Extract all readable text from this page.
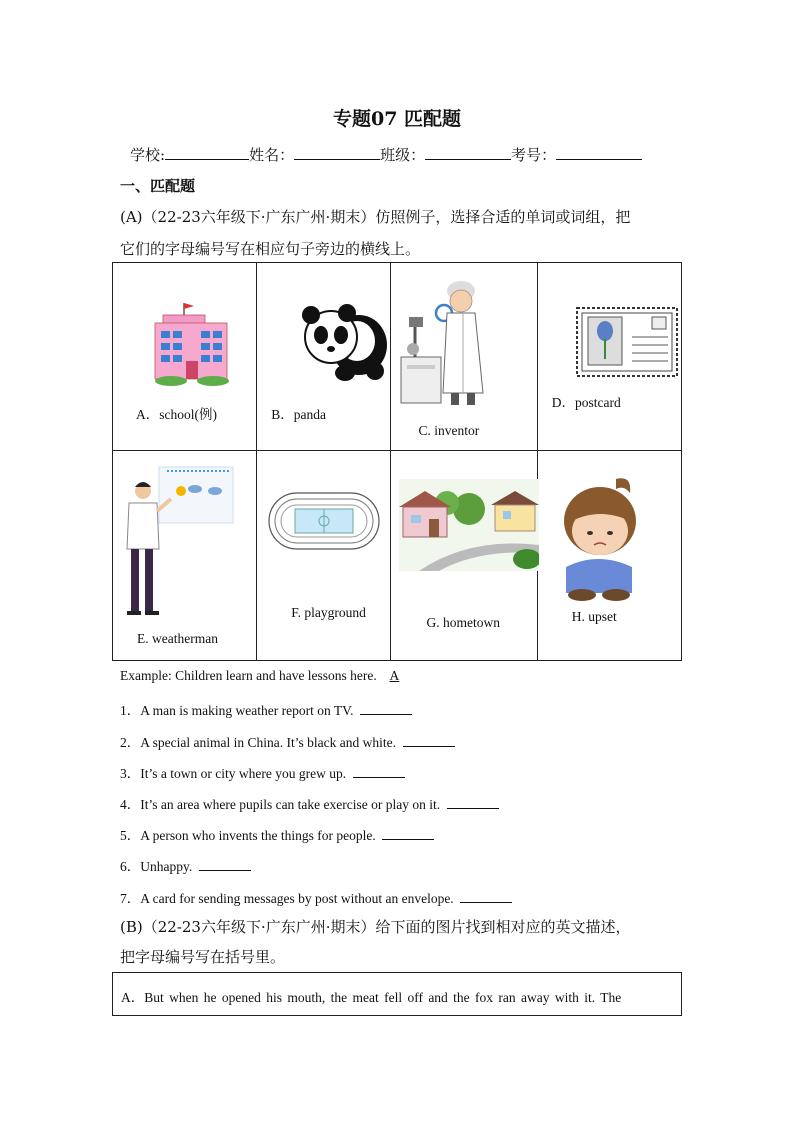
专题07 匹配题
学校:	姓名：	班级：	考号：
一、匹配题
(A)（22-23六年级下·广东广州·期末）仿照例子，选择合适的单词或词组，把
它们的字母编号写在相应句子旁边的横线上。
A．school(例)	B．panda	C. inventor	D．postcard

E. weatherman	F. playground	G. hometown	H. upset
Example: Children learn and have lessons here. A
1．A man is making weather report on TV.
2．A special animal in China. It’s black and white.
3．It’s a town or city where you grew up.
4．It’s an area where pupils can take exercise or play on it.
5．A person who invents the things for people.
6．Unhappy.
7．A card for sending messages by post without an envelope.
(B)（22-23六年级下·广东广州·期末）给下面的图片找到相对应的英文描述，
把字母编号写在括号里。
A．But when he opened his mouth, the meat fell off and the fox ran away with it. The
